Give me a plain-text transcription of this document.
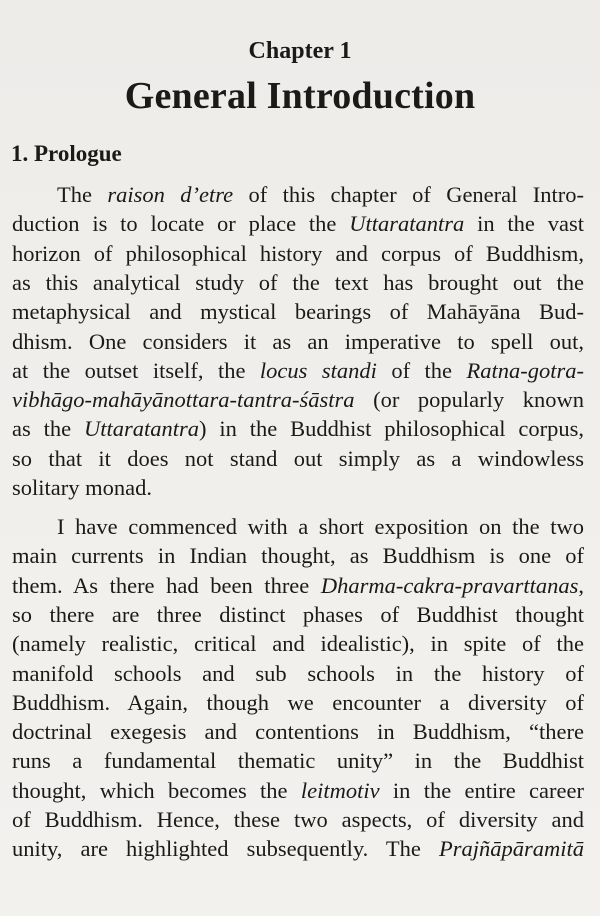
Chapter 1
General Introduction
1. Prologue
The raison d’etre of this chapter of General Intro-
duction is to locate or place the Uttaratantra in the vast
horizon of philosophical history and corpus of Buddhism,
as this analytical study of the text has brought out the
metaphysical and mystical bearings of Mahāyāna Bud-
dhism. One considers it as an imperative to spell out,
at the outset itself, the locus standi of the Ratna-gotra-
vibhāgo-mahāyānottara-tantra-śāstra (or popularly known
as the Uttaratantra) in the Buddhist philosophical corpus,
so that it does not stand out simply as a windowless
solitary monad.
I have commenced with a short exposition on the two
main currents in Indian thought, as Buddhism is one of
them. As there had been three Dharma-cakra-pravarttanas,
so there are three distinct phases of Buddhist thought
(namely realistic, critical and idealistic), in spite of the
manifold schools and sub schools in the history of
Buddhism. Again, though we encounter a diversity of
doctrinal exegesis and contentions in Buddhism, “there
runs a fundamental thematic unity” in the Buddhist
thought, which becomes the leitmotiv in the entire career
of Buddhism. Hence, these two aspects, of diversity and
unity, are highlighted subsequently. The Prajñāpāramitā
